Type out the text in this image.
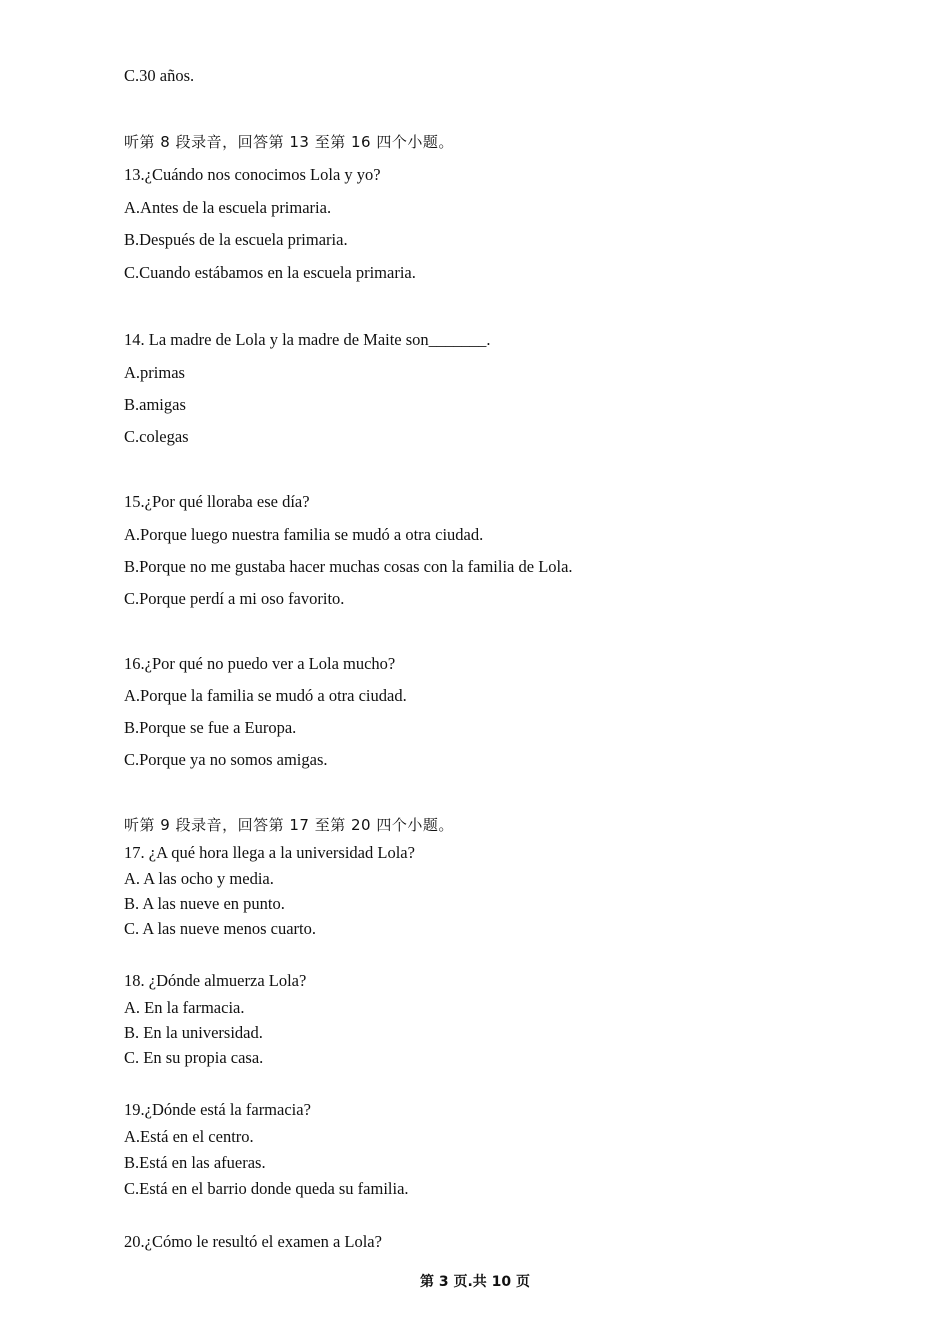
C.30 años.
听第 8 段录音，回答第 13 至第 16 四个小题。
13.¿Cuándo nos conocimos Lola y yo?
A.Antes de la escuela primaria.
B.Después de la escuela primaria.
C.Cuando estábamos en la escuela primaria.
14. La madre de Lola y la madre de Maite son_______.
A.primas
B.amigas
C.colegas
15.¿Por qué lloraba ese día?
A.Porque luego nuestra familia se mudó a otra ciudad.
B.Porque no me gustaba hacer muchas cosas con la familia de Lola.
C.Porque perdí a mi oso favorito.
16.¿Por qué no puedo ver a Lola mucho?
A.Porque la familia se mudó a otra ciudad.
B.Porque se fue a Europa.
C.Porque ya no somos amigas.
听第 9 段录音，回答第 17 至第 20 四个小题。
17. ¿A qué hora llega a la universidad Lola?
A. A las ocho y media.
B. A las nueve en punto.
C. A las nueve menos cuarto.
18. ¿Dónde almuerza Lola?
A. En la farmacia.
B. En la universidad.
C. En su propia casa.
19.¿Dónde está la farmacia?
A.Está en el centro.
B.Está en las afueras.
C.Está en el barrio donde queda su familia.
20.¿Cómo le resultó el examen a Lola?
第 3 页.共 10 页
